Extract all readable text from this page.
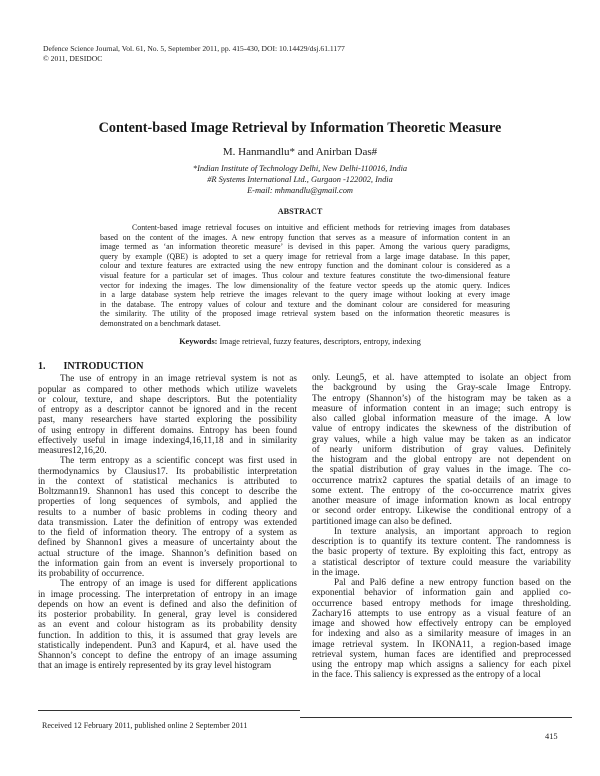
Defence Science Journal, Vol. 61, No. 5, September 2011, pp. 415-430, DOI: 10.14429/dsj.61.1177
© 2011, DESIDOC
Content-based Image Retrieval by Information Theoretic Measure
M. Hanmandlu* and Anirban Das#
*Indian Institute of Technology Delhi, New Delhi-110016, India
#R Systems International Ltd., Gurgaon -122002, India
E-mail: mhmandlu@gmail.com
ABSTRACT
Content-based image retrieval focuses on intuitive and efficient methods for retrieving images from databases
based on the content of the images. A new entropy function that serves as a measure of information content in an
image termed as ‘an information theoretic measure’ is devised in this paper. Among the various query paradigms,
query by example (QBE) is adopted to set a query image for retrieval from a large image database. In this paper,
colour and texture features are extracted using the new entropy function and the dominant colour is considered as a
visual feature for a particular set of images. Thus colour and texture features constitute the two-dimensional feature
vector for indexing the images. The low dimensionality of the feature vector speeds up the atomic query. Indices
in a large database system help retrieve the images relevant to the query image without looking at every image
in the database. The entropy values of colour and texture and the dominant colour are considered for measuring
the similarity. The utility of the proposed image retrieval system based on the information theoretic measures is
demonstrated on a benchmark dataset.
Keywords: Image retrieval, fuzzy features, descriptors, entropy, indexing
1. INTRODUCTION
The use of entropy in an image retrieval system is not as
popular as compared to other methods which utilize wavelets
or colour, texture, and shape descriptors. But the potentiality
of entropy as a descriptor cannot be ignored and in the recent
past, many researchers have started exploring the possibility
of using entropy in different domains. Entropy has been found
effectively useful in image indexing4,16,11,18 and in similarity
measures12,16,20.
The term entropy as a scientific concept was first used in
thermodynamics by Clausius17. Its probabilistic interpretation
in the context of statistical mechanics is attributed to
Boltzmann19. Shannon1 has used this concept to describe the
properties of long sequences of symbols, and applied the
results to a number of basic problems in coding theory and
data transmission. Later the definition of entropy was extended
to the field of information theory. The entropy of a system as
defined by Shannon1 gives a measure of uncertainty about the
actual structure of the image. Shannon’s definition based on
the information gain from an event is inversely proportional to
its probability of occurrence.
The entropy of an image is used for different applications
in image processing. The interpretation of entropy in an image
depends on how an event is defined and also the definition of
its posterior probability. In general, gray level is considered
as an event and colour histogram as its probability density
function. In addition to this, it is assumed that gray levels are
statistically independent. Pun3 and Kapur4, et al. have used the
Shannon’s concept to define the entropy of an image assuming
that an image is entirely represented by its gray level histogram
only. Leung5, et al. have attempted to isolate an object from
the background by using the Gray-scale Image Entropy.
The entropy (Shannon’s) of the histogram may be taken as a
measure of information content in an image; such entropy is
also called global information measure of the image. A low
value of entropy indicates the skewness of the distribution of
gray values, while a high value may be taken as an indicator
of nearly uniform distribution of gray values. Definitely
the histogram and the global entropy are not dependent on
the spatial distribution of gray values in the image. The co-
occurrence matrix2 captures the spatial details of an image to
some extent. The entropy of the co-occurrence matrix gives
another measure of image information known as local entropy
or second order entropy. Likewise the conditional entropy of a
partitioned image can also be defined.
In texture analysis, an important approach to region
description is to quantify its texture content. The randomness is
the basic property of texture. By exploiting this fact, entropy as
a statistical descriptor of texture could measure the variability
in the image.
Pal and Pal6 define a new entropy function based on the
exponential behavior of information gain and applied co-
occurrence based entropy methods for image thresholding.
Zachary16 attempts to use entropy as a visual feature of an
image and showed how effectively entropy can be employed
for indexing and also as a similarity measure of images in an
image retrieval system. In IKONA11, a region-based image
retrieval system, human faces are identified and preprocessed
using the entropy map which assigns a saliency for each pixel
in the face. This saliency is expressed as the entropy of a local
Received 12 February 2011, published online 2 September 2011
415
